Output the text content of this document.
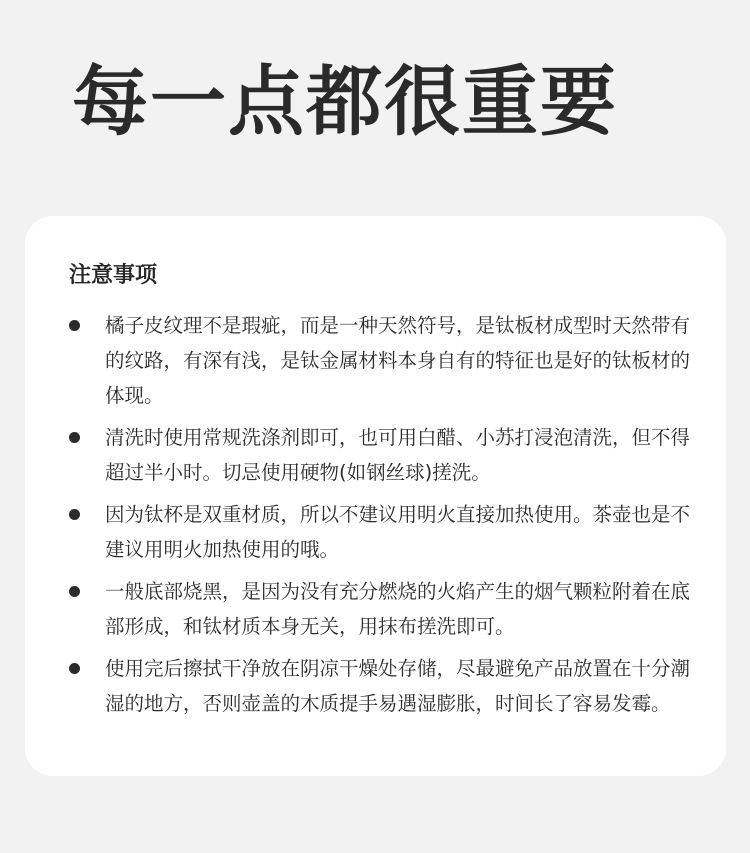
每一点都很重要
注意事项
橘子皮纹理不是瑕疵，而是一种天然符号，是钛板材成型时天然带有的纹路，有深有浅，是钛金属材料本身自有的特征也是好的钛板材的体现。
清洗时使用常规洗涤剂即可，也可用白醋、小苏打浸泡清洗，但不得超过半小时。切忌使用硬物(如钢丝球)搓洗。
因为钛杯是双重材质，所以不建议用明火直接加热使用。茶壶也是不建议用明火加热使用的哦。
一般底部烧黑，是因为没有充分燃烧的火焰产生的烟气颗粒附着在底部形成，和钛材质本身无关，用抹布搓洗即可。
使用完后擦拭干净放在阴凉干燥处存储，尽最避免产品放置在十分潮湿的地方，否则壶盖的木质提手易遇湿膨胀，时间长了容易发霉。
